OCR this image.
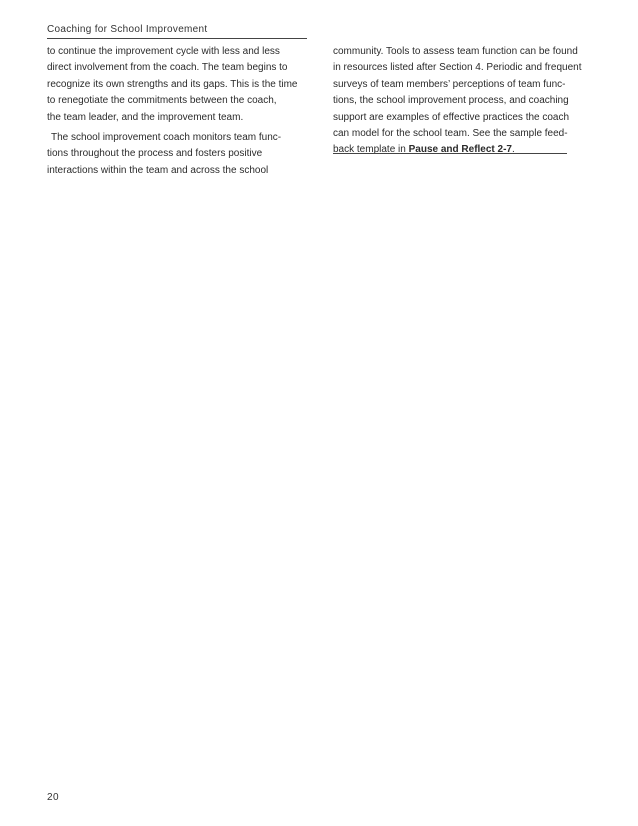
Coaching for School Improvement
to continue the improvement cycle with less and less
direct involvement from the coach. The team begins to
recognize its own strengths and its gaps. This is the time
to renegotiate the commitments between the coach,
the team leader, and the improvement team.
The school improvement coach monitors team func-
tions throughout the process and fosters positive
interactions within the team and across the school
community. Tools to assess team function can be found
in resources listed after Section 4. Periodic and frequent
surveys of team members’ perceptions of team func-
tions, the school improvement process, and coaching
support are examples of effective practices the coach
can model for the school team. See the sample feed-
back template in Pause and Reflect 2-7.
20
